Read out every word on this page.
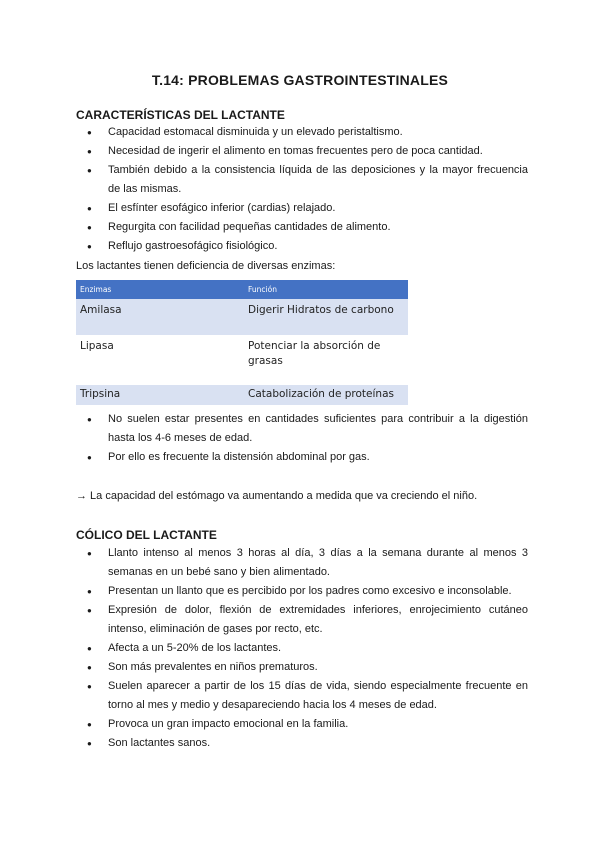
T.14: PROBLEMAS GASTROINTESTINALES
CARACTERÍSTICAS DEL LACTANTE
● Capacidad estomacal disminuida y un elevado peristaltismo.
● Necesidad de ingerir el alimento en tomas frecuentes pero de poca cantidad.
● También debido a la consistencia líquida de las deposiciones y la mayor frecuencia de las mismas.
● El esfínter esofágico inferior (cardias) relajado.
● Regurgita con facilidad pequeñas cantidades de alimento.
● Reflujo gastroesofágico fisiológico.
Los lactantes tienen deficiencia de diversas enzimas:
Enzimas	Función
Amilasa	Digerir Hidratos de carbono
Lipasa	Potenciar la absorción de grasas
Tripsina	Catabolización de proteínas
● No suelen estar presentes en cantidades suficientes para contribuir a la digestión hasta los 4-6 meses de edad.
● Por ello es frecuente la distensión abdominal por gas.
→ La capacidad del estómago va aumentando a medida que va creciendo el niño.
CÓLICO DEL LACTANTE
● Llanto intenso al menos 3 horas al día, 3 días a la semana durante al menos 3 semanas en un bebé sano y bien alimentado.
● Presentan un llanto que es percibido por los padres como excesivo e inconsolable.
● Expresión de dolor, flexión de extremidades inferiores, enrojecimiento cutáneo intenso, eliminación de gases por recto, etc.
● Afecta a un 5-20% de los lactantes.
● Son más prevalentes en niños prematuros.
● Suelen aparecer a partir de los 15 días de vida, siendo especialmente frecuente en torno al mes y medio y desapareciendo hacia los 4 meses de edad.
● Provoca un gran impacto emocional en la familia.
● Son lactantes sanos.
